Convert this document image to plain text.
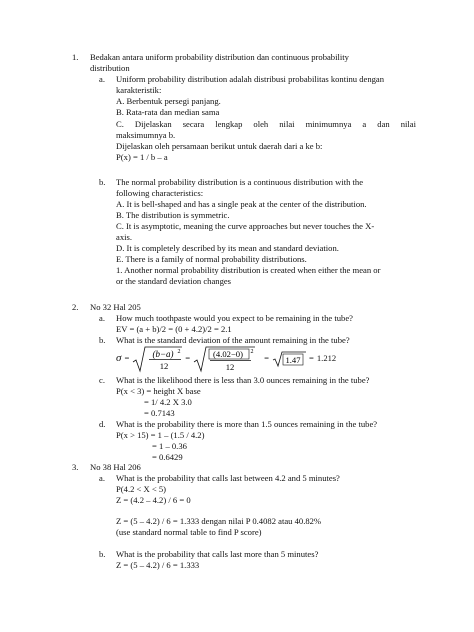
1. Bedakan antara uniform probability distribution dan continuous probability
distribution
a. Uniform probability distribution adalah distribusi probabilitas kontinu dengan
karakteristik:
A. Berbentuk persegi panjang.
B. Rata-rata dan median sama
C. Dijelaskan secara lengkap oleh nilai minimumnya a dan nilai
maksimumnya b.
Dijelaskan oleh persamaan berikut untuk daerah dari a ke b:
P(x) = 1 / b – a
b. The normal probability distribution is a continuous distribution with the
following characteristics:
A. It is bell-shaped and has a single peak at the center of the distribution.
B. The distribution is symmetric.
C. It is asymptotic, meaning the curve approaches but never touches the X-
axis.
D. It is completely described by its mean and standard deviation.
E. There is a family of normal probability distributions.
1. Another normal probability distribution is created when either the mean or
or the standard deviation changes
2. No 32 Hal 205
a. How much toothpaste would you expect to be remaining in the tube?
EV = (a + b)/2 = (0 + 4.2)/2 = 2.1
b. What is the standard deviation of the amount remaining in the tube?
σ =	(b−a) 2
12
=	(4.02−0) 2
12
= 1.47 = 1.212
c. What is the likelihood there is less than 3.0 ounces remaining in the tube?
P(x < 3) = height X base
= 1/ 4.2 X 3.0
= 0.7143
d. What is the probability there is more than 1.5 ounces remaining in the tube?
P(x > 15) = 1 – (1.5 / 4.2)
= 1 – 0.36
= 0.6429
3. No 38 Hal 206
a. What is the probability that calls last between 4.2 and 5 minutes?
P(4.2 < X < 5)
Z = (4.2 – 4.2) / 6 = 0
Z = (5 – 4.2) / 6 = 1.333 dengan nilai P 0.4082 atau 40.82%
(use standard normal table to find P score)
b. What is the probability that calls last more than 5 minutes?
Z = (5 – 4.2) / 6 = 1.333
